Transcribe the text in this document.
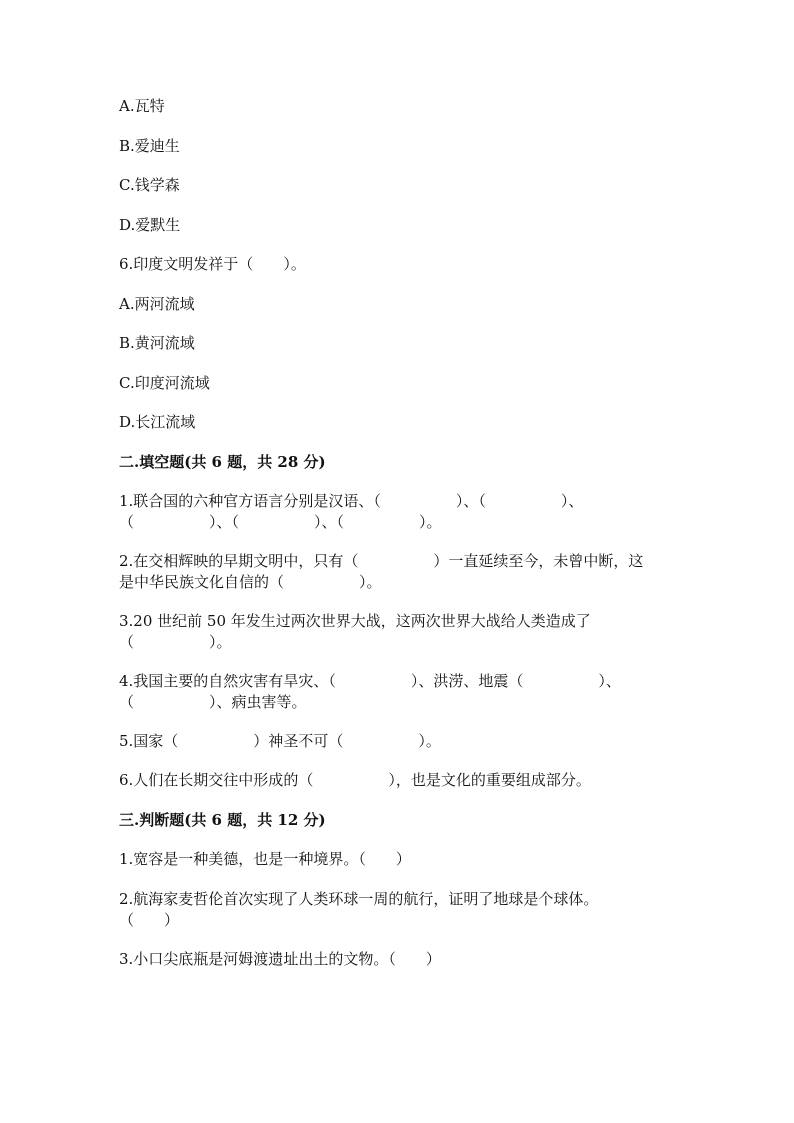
A.瓦特
B.爱迪生
C.钱学森
D.爱默生
6.印度文明发祥于（　　）。
A.两河流域
B.黄河流域
C.印度河流域
D.长江流域
二.填空题(共 6 题，共 28 分)
1.联合国的六种官方语言分别是汉语、（　　　　　）、（　　　　　）、
（　　　　　）、（　　　　　）、（　　　　　）。
2.在交相辉映的早期文明中，只有（　　　　　）一直延续至今，未曾中断，这
是中华民族文化自信的（　　　　　）。
3.20 世纪前 50 年发生过两次世界大战，这两次世界大战给人类造成了
（　　　　　）。
4.我国主要的自然灾害有旱灾、（　　　　　）、洪涝、地震（　　　　　）、
（　　　　　）、病虫害等。
5.国家（　　　　　）神圣不可（　　　　　）。
6.人们在长期交往中形成的（　　　　　），也是文化的重要组成部分。
三.判断题(共 6 题，共 12 分)
1.宽容是一种美德，也是一种境界。（　　）
2.航海家麦哲伦首次实现了人类环球一周的航行，证明了地球是个球体。
（　　）
3.小口尖底瓶是河姆渡遗址出土的文物。（　　）
